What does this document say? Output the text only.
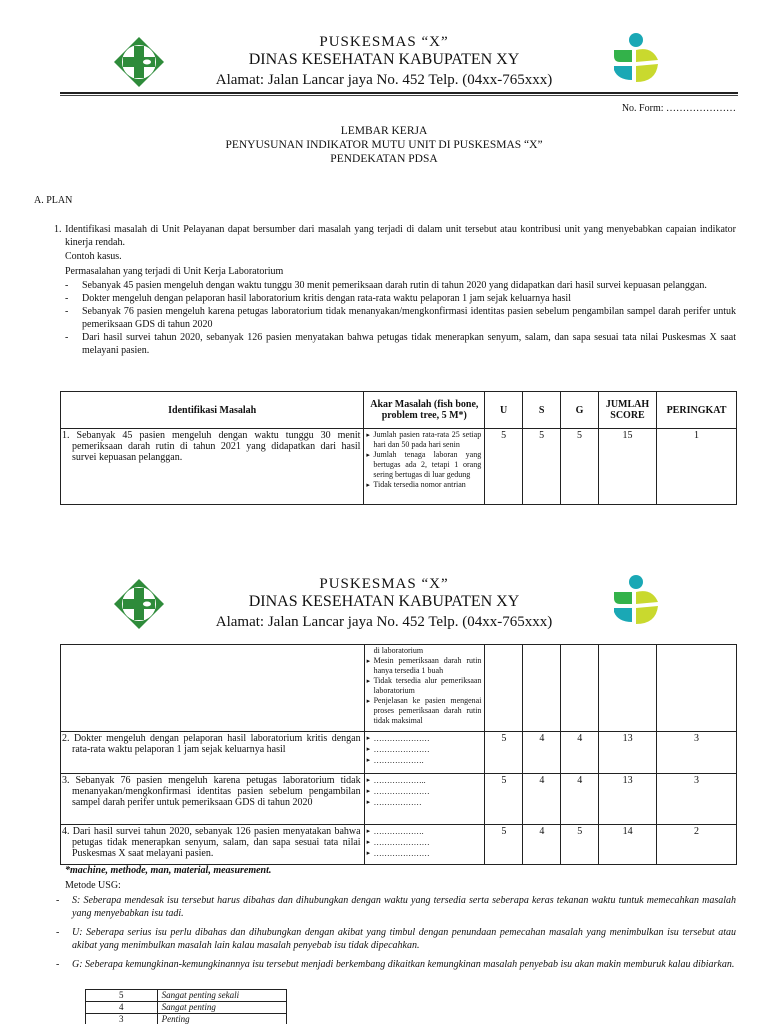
PUSKESMAS “X”
DINAS KESEHATAN KABUPATEN XY
Alamat: Jalan Lancar jaya No. 452 Telp. (04xx-765xxx)
No. Form: …………………
LEMBAR KERJA
PENYUSUNAN INDIKATOR MUTU UNIT DI PUSKESMAS “X”
PENDEKATAN PDSA
A. PLAN
1. Identifikasi masalah di Unit Pelayanan dapat bersumber dari masalah yang terjadi di dalam unit tersebut atau kontribusi unit yang menyebabkan capaian indikator kinerja rendah.
Contoh kasus.
Permasalahan yang terjadi di Unit Kerja Laboratorium
- Sebanyak 45 pasien mengeluh dengan waktu tunggu 30 menit pemeriksaan darah rutin di tahun 2020 yang didapatkan dari hasil survei kepuasan pelanggan.
- Dokter mengeluh dengan pelaporan hasil laboratorium kritis dengan rata-rata waktu pelaporan 1 jam sejak keluarnya hasil
- Sebanyak 76 pasien mengeluh karena petugas laboratorium tidak menanyakan/mengkonfirmasi identitas pasien sebelum pengambilan sampel darah perifer untuk pemeriksaan GDS di tahun 2020
- Dari hasil survei tahun 2020, sebanyak 126 pasien menyatakan bahwa petugas tidak menerapkan senyum, salam, dan sapa sesuai tata nilai Puskesmas X saat melayani pasien.
Identifikasi Masalah	Akar Masalah (fish bone, problem tree, 5 M*)	U	S	G	JUMLAH SCORE	PERINGKAT
1. Sebanyak 45 pasien mengeluh dengan waktu tunggu 30 menit pemeriksaan darah rutin di tahun 2021 yang didapatkan dari hasil survei kepuasan pelanggan.	▸ Jumlah pasien rata-rata 25 setiap hari dan 50 pada hari senin
▸ Jumlah tenaga laboran yang bertugas ada 2, tetapi 1 orang sering bertugas di luar gedung
▸ Tidak tersedia nomor antrian	5	5	5	15	1
PUSKESMAS “X”
DINAS KESEHATAN KABUPATEN XY
Alamat: Jalan Lancar jaya No. 452 Telp. (04xx-765xxx)

	di laboratorium
▸ Mesin pemeriksaan darah rutin hanya tersedia 1 buah
▸ Tidak tersedia alur pemeriksaan laboratorium
▸ Penjelasan ke pasien mengenai proses pemeriksaan darah rutin tidak maksimal

2. Dokter mengeluh dengan pelaporan hasil laboratorium kritis dengan rata-rata waktu pelaporan 1 jam sejak keluarnya hasil	▸ …………………
▸ …………………
▸ ……………….	5	4	4	13	3
3. Sebanyak 76 pasien mengeluh karena petugas laboratorium tidak menanyakan/mengkonfirmasi identitas pasien sebelum pengambilan sampel darah perifer untuk pemeriksaan GDS di tahun 2020	▸ ………………..
▸ …………………
▸ ………………	5	4	4	13	3
4. Dari hasil survei tahun 2020, sebanyak 126 pasien menyatakan bahwa petugas tidak menerapkan senyum, salam, dan sapa sesuai tata nilai Puskesmas X saat melayani pasien.	▸ ……………….
▸ …………………
▸ …………………	5	4	5	14	2
*machine, methode, man, material, measurement.
Metode USG:
- S: Seberapa mendesak isu tersebut harus dibahas dan dihubungkan dengan waktu yang tersedia serta seberapa keras tekanan waktu tuntuk memecahkan masalah yang menyebabkan isu tadi.
- U: Seberapa serius isu perlu dibahas dan dihubungkan dengan akibat yang timbul dengan penundaan pemecahan masalah yang menimbulkan isu tersebut atau akibat yang menimbulkan masalah lain kalau masalah penyebab isu tidak dipecahkan.
- G: Seberapa kemungkinan-kemungkinannya isu tersebut menjadi berkembang dikaitkan kemungkinan masalah penyebab isu akan makin memburuk kalau dibiarkan.
5	Sangat penting sekali
4	Sangat penting
3	Penting
